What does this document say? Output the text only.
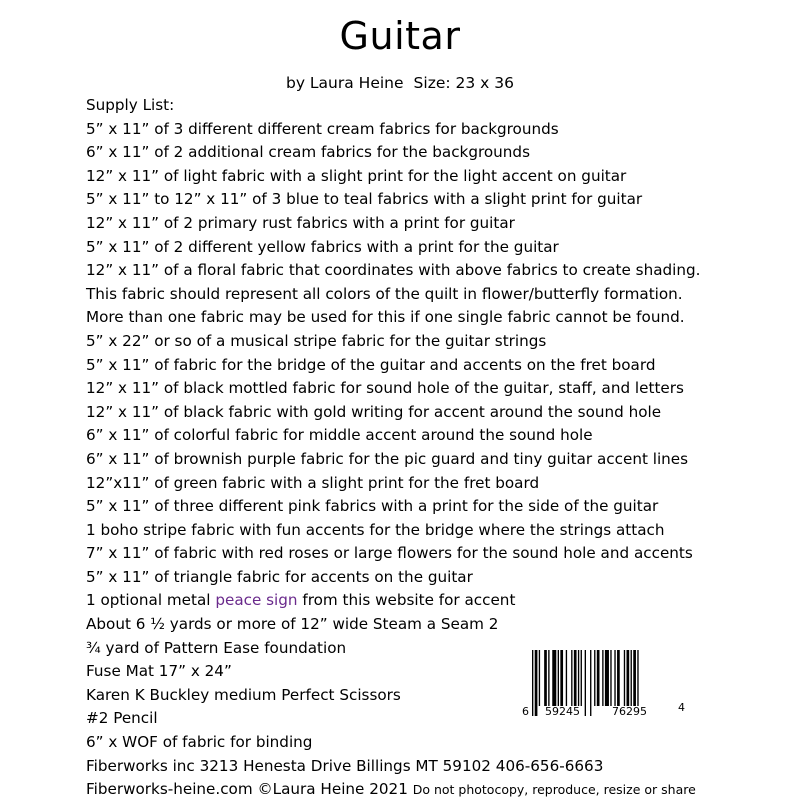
Guitar
by Laura Heine Size: 23 x 36
Supply List:
5” x 11” of 3 different different cream fabrics for backgrounds
6” x 11” of 2 additional cream fabrics for the backgrounds
12” x 11” of light fabric with a slight print for the light accent on guitar
5” x 11” to 12” x 11” of 3 blue to teal fabrics with a slight print for guitar
12” x 11” of 2 primary rust fabrics with a print for guitar
5” x 11” of 2 different yellow fabrics with a print for the guitar
12” x 11” of a floral fabric that coordinates with above fabrics to create shading.
This fabric should represent all colors of the quilt in flower/butterfly formation.
More than one fabric may be used for this if one single fabric cannot be found.
5” x 22” or so of a musical stripe fabric for the guitar strings
5” x 11” of fabric for the bridge of the guitar and accents on the fret board
12” x 11” of black mottled fabric for sound hole of the guitar, staff, and letters
12” x 11” of black fabric with gold writing for accent around the sound hole
6” x 11” of colorful fabric for middle accent around the sound hole
6” x 11” of brownish purple fabric for the pic guard and tiny guitar accent lines
12”x11” of green fabric with a slight print for the fret board
5” x 11” of three different pink fabrics with a print for the side of the guitar
1 boho stripe fabric with fun accents for the bridge where the strings attach
7” x 11” of fabric with red roses or large flowers for the sound hole and accents
5” x 11” of triangle fabric for accents on the guitar
1 optional metal peace sign from this website for accent
About 6 ½ yards or more of 12” wide Steam a Seam 2
¾ yard of Pattern Ease foundation
Fuse Mat 17” x 24”
Karen K Buckley medium Perfect Scissors
#2 Pencil
6” x WOF of fabric for binding
Fiberworks inc 3213 Henesta Drive Billings MT 59102 406-656-6663
Fiberworks-heine.com ©Laura Heine 2021 Do not photocopy, reproduce, resize or share
6 59245	76295	4
